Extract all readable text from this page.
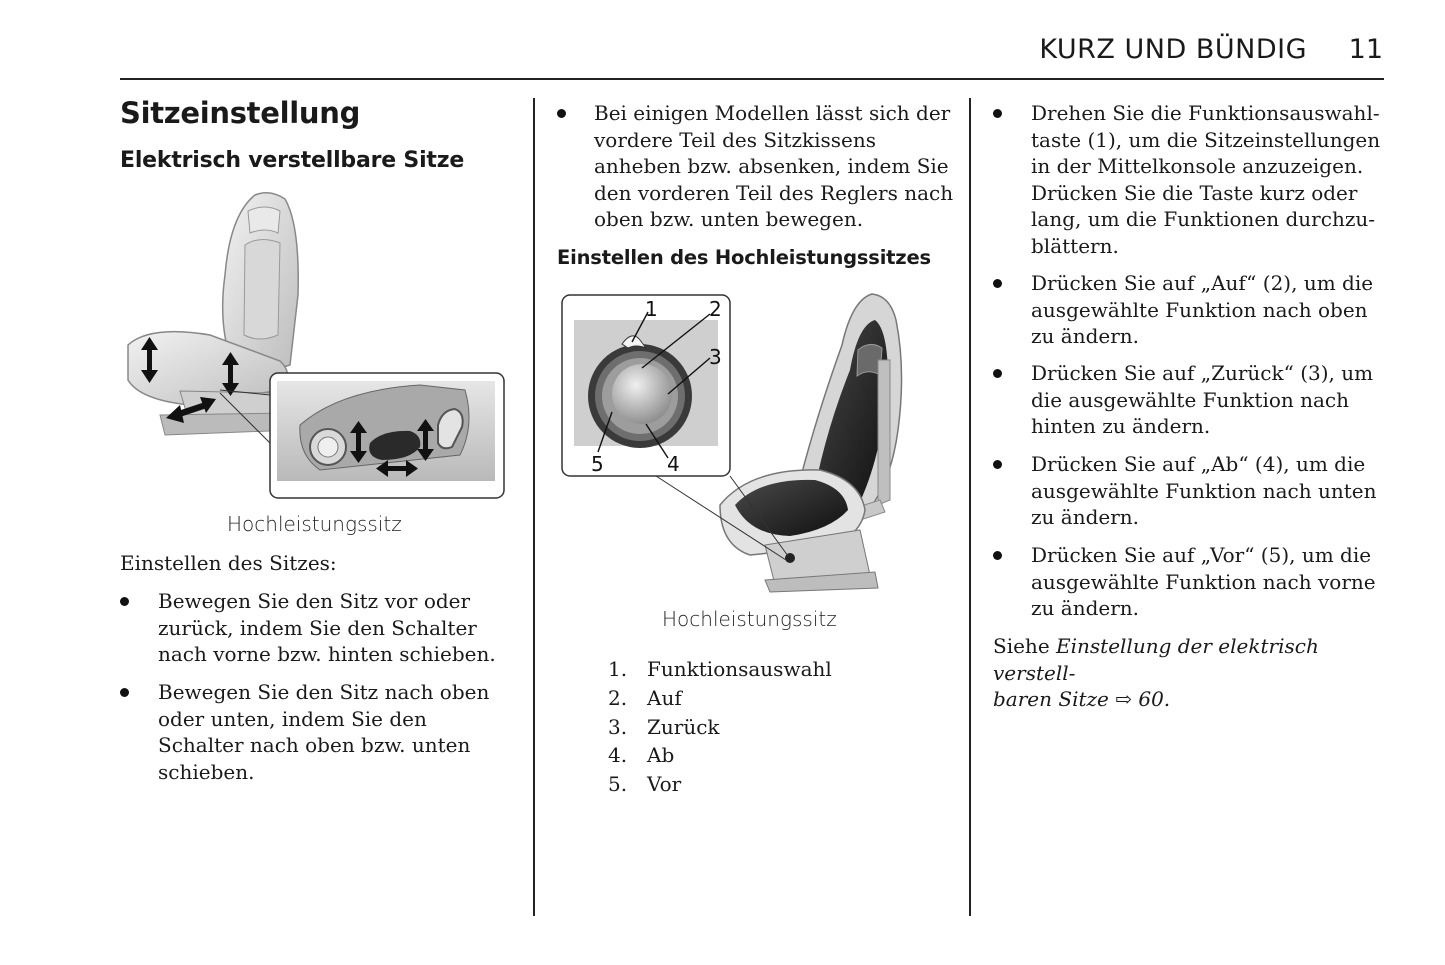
KURZ UND BÜNDIG 11
Sitzeinstellung
Elektrisch verstellbare Sitze
Hochleistungssitz
Einstellen des Sitzes:
Bewegen Sie den Sitz vor oder
zurück, indem Sie den Schalter
nach vorne bzw. hinten schieben.
Bewegen Sie den Sitz nach oben
oder unten, indem Sie den
Schalter nach oben bzw. unten
schieben.
Bei einigen Modellen lässt sich der
vordere Teil des Sitzkissens
anheben bzw. absenken, indem Sie
den vorderen Teil des Reglers nach
oben bzw. unten bewegen.
Einstellen des Hochleistungssitzes
1	2
3
4
5
Hochleistungssitz
1. Funktionsauswahl
2. Auf
3. Zurück
4. Ab
5. Vor
Drehen Sie die Funktionsauswahl-
taste (1), um die Sitzeinstellungen
in der Mittelkonsole anzuzeigen.
Drücken Sie die Taste kurz oder
lang, um die Funktionen durchzu-
blättern.
Drücken Sie auf „Auf“ (2), um die
ausgewählte Funktion nach oben
zu ändern.
Drücken Sie auf „Zurück“ (3), um
die ausgewählte Funktion nach
hinten zu ändern.
Drücken Sie auf „Ab“ (4), um die
ausgewählte Funktion nach unten
zu ändern.
Drücken Sie auf „Vor“ (5), um die
ausgewählte Funktion nach vorne
zu ändern.
Siehe Einstellung der elektrisch verstell-
baren Sitze ⇨ 60.
